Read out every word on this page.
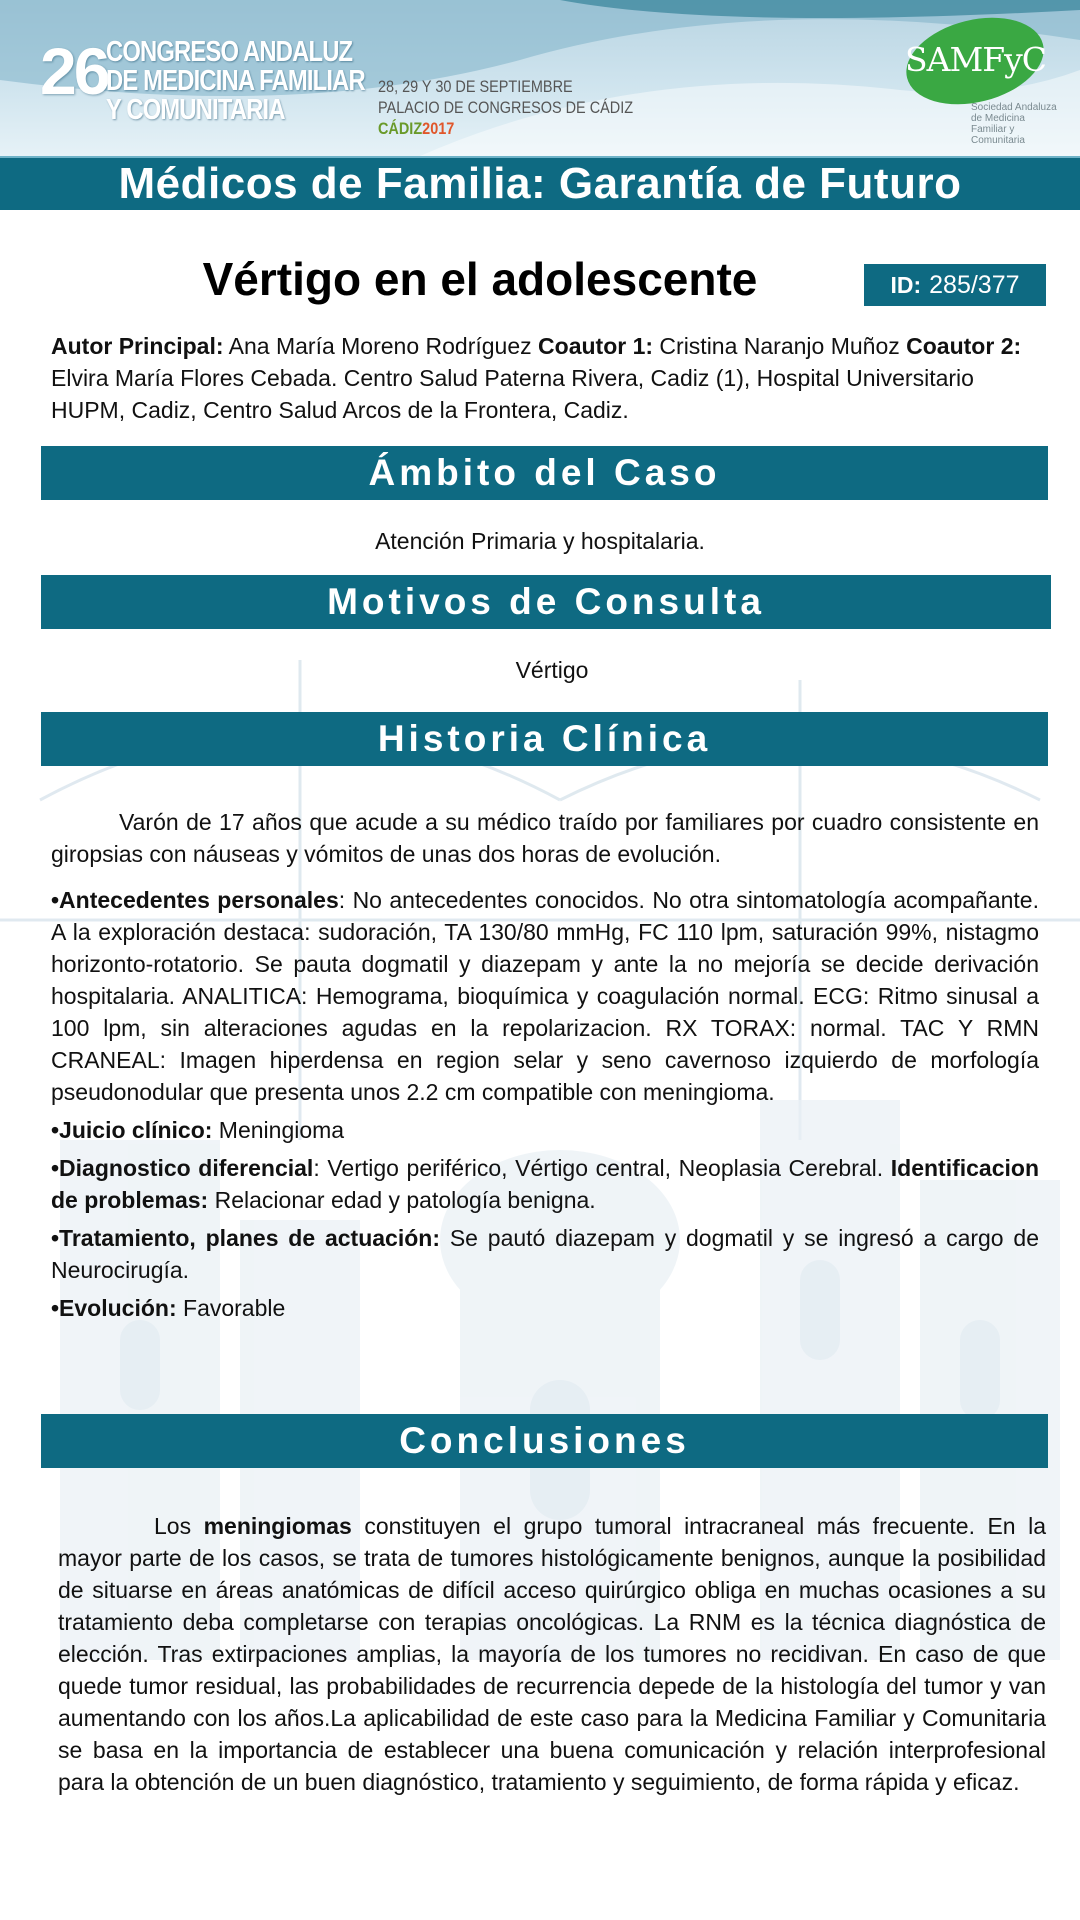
26
CONGRESO ANDALUZ
DE MEDICINA FAMILIAR
Y COMUNITARIA
28, 29 Y 30 DE SEPTIEMBRE
PALACIO DE CONGRESOS DE CÁDIZ
CÁDIZ2017
SAMFyC
Sociedad Andaluza de Medicina Familiar y Comunitaria
Médicos de Familia: Garantía de Futuro
Vértigo en el adolescente	ID: 285/377
Autor Principal: Ana María Moreno Rodríguez Coautor 1: Cristina Naranjo Muñoz Coautor 2: Elvira María Flores Cebada. Centro Salud Paterna Rivera, Cadiz (1), Hospital Universitario HUPM, Cadiz, Centro Salud Arcos de la Frontera, Cadiz.
Ámbito del Caso
Atención Primaria y hospitalaria.
Motivos de Consulta
Vértigo
Historia Clínica

Varón de 17 años que acude a su médico traído por familiares por cuadro consistente en giropsias con náuseas y vómitos de unas dos horas de evolución.

•Antecedentes personales: No antecedentes conocidos. No otra sintomatología acompañante. A la exploración destaca: sudoración, TA 130/80 mmHg, FC 110 lpm, saturación 99%, nistagmo horizonto-rotatorio. Se pauta dogmatil y diazepam y ante la no mejoría se decide derivación hospitalaria. ANALITICA: Hemograma, bioquímica y coagulación normal. ECG: Ritmo sinusal a 100 lpm, sin alteraciones agudas en la repolarizacion. RX TORAX: normal. TAC Y RMN CRANEAL: Imagen hiperdensa en region selar y seno cavernoso izquierdo de morfología pseudonodular que presenta unos 2.2 cm compatible con meningioma.

•Juicio clínico: Meningioma

•Diagnostico diferencial: Vertigo periférico, Vértigo central, Neoplasia Cerebral. Identificacion de problemas: Relacionar edad y patología benigna.

•Tratamiento, planes de actuación: Se pautó diazepam y dogmatil y se ingresó a cargo de Neurocirugía.

•Evolución: Favorable

Conclusiones

Los meningiomas constituyen el grupo tumoral intracraneal más frecuente. En la mayor parte de los casos, se trata de tumores histológicamente benignos, aunque la posibilidad de situarse en áreas anatómicas de difícil acceso quirúrgico obliga en muchas ocasiones a su tratamiento deba completarse con terapias oncológicas. La RNM es la técnica diagnóstica de elección. Tras extirpaciones amplias, la mayoría de los tumores no recidivan. En caso de que quede tumor residual, las probabilidades de recurrencia depede de la histología del tumor y van aumentando con los años.La aplicabilidad de este caso para la Medicina Familiar y Comunitaria se basa en la importancia de establecer una buena comunicación y relación interprofesional para la obtención de un buen diagnóstico, tratamiento y seguimiento, de forma rápida y eficaz.
